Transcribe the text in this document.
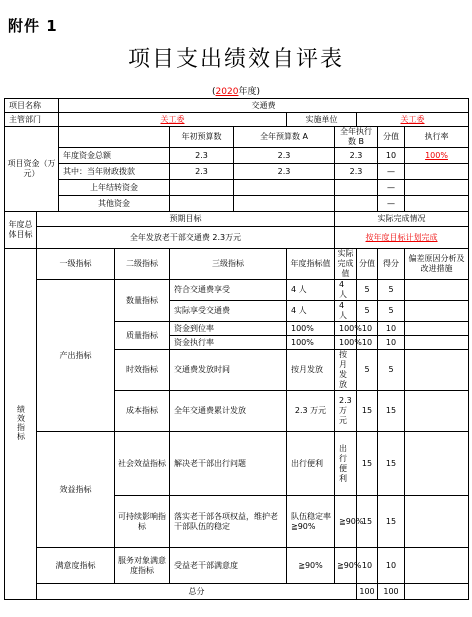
附件 1
项目支出绩效自评表
(2020年度)
项目名称		交通费									
主管部门		关工委				实施单位		关工委			
项目资金（万元）				年初预算数	全年预算数 A		全年执行数 B		分值	执行率	
		年度资金总额		2.3	2.3		2.3		10	100%	
		其中：当年财政拨款		2.3	2.3		2.3		—		
		上年结转资金							—		
		其他资金							—		
年度总体目标	预期目标						实际完成情况				
	全年发放老干部交通费 2.3万元						按年度目标计划完成				
绩效指标	一级指标		二级指标	三级指标		年度指标值	实际完成值	分值	得分	偏差原因分析及改进措施	
	产出指标		数量指标	符合交通费享受		4 人	4 人	5	5		
				实际享受交通费		4 人	4 人	5	5		
			质量指标	资金到位率		100%	100%	10	10		
				资金执行率		100%	100%	10	10		
			时效指标	交通费发放时间		按月发放	按月发放	5	5		
			成本指标	全年交通费累计发放		2.3 万元	2.3 万元	15	15		
	效益指标		社会效益指标	解决老干部出行问题		出行便利	出行便利	15	15		
			可持续影响指标	落实老干部各项权益，维护老干部队伍的稳定		队伍稳定率≧90%	≧90%	15	15		
	满意度指标		服务对象满意度指标	受益老干部满意度		≧90%	≧90%	10	10		
	总分							100	100		
